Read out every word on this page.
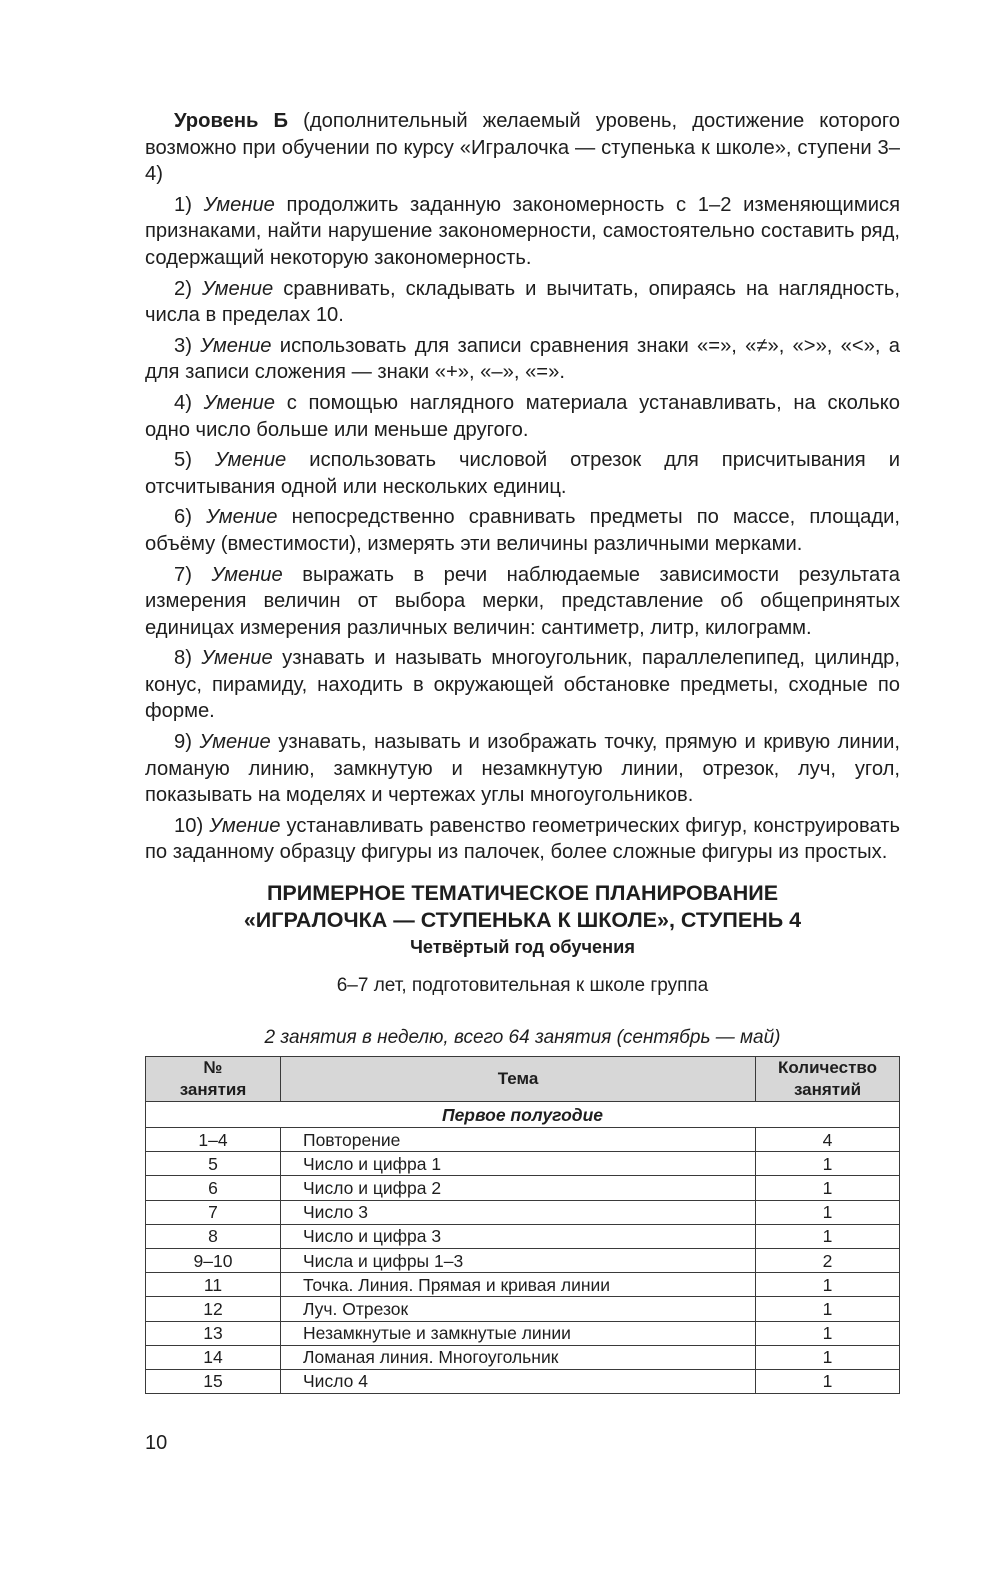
Уровень Б (дополнительный желаемый уровень, достижение которого возможно при обучении по курсу «Игралочка — ступенька к школе», ступени 3–4)

1) Умение продолжить заданную закономерность с 1–2 изменяющимися признаками, найти нарушение закономерности, самостоятельно составить ряд, содержащий некоторую закономерность.

2) Умение сравнивать, складывать и вычитать, опираясь на наглядность, числа в пределах 10.

3) Умение использовать для записи сравнения знаки «=», «≠», «>», «<», а для записи сложения — знаки «+», «–», «=».

4) Умение с помощью наглядного материала устанавливать, на сколько одно число больше или меньше другого.

5) Умение использовать числовой отрезок для присчитывания и отсчитывания одной или нескольких единиц.

6) Умение непосредственно сравнивать предметы по массе, площади, объёму (вместимости), измерять эти величины различными мерками.

7) Умение выражать в речи наблюдаемые зависимости результата измерения величин от выбора мерки, представление об общепринятых единицах измерения различных величин: сантиметр, литр, килограмм.

8) Умение узнавать и называть многоугольник, параллелепипед, цилиндр, конус, пирамиду, находить в окружающей обстановке предметы, сходные по форме.

9) Умение узнавать, называть и изображать точку, прямую и кривую линии, ломаную линию, замкнутую и незамкнутую линии, отрезок, луч, угол, показывать на моделях и чертежах углы многоугольников.

10) Умение устанавливать равенство геометрических фигур, конструировать по заданному образцу фигуры из палочек, более сложные фигуры из простых.

ПРИМЕРНОЕ ТЕМАТИЧЕСКОЕ ПЛАНИРОВАНИЕ

«ИГРАЛОЧКА — СТУПЕНЬКА К ШКОЛЕ», СТУПЕНЬ 4

Четвёртый год обучения

6–7 лет, подготовительная к школе группа

2 занятия в неделю, всего 64 занятия (сентябрь — май)

№
занятия	Тема	Количество
занятий
Первое полугодие		
1–4	Повторение	4
5	Число и цифра 1	1
6	Число и цифра 2	1
7	Число 3	1
8	Число и цифра 3	1
9–10	Числа и цифры 1–3	2
11	Точка. Линия. Прямая и кривая линии	1
12	Луч. Отрезок	1
13	Незамкнутые и замкнутые линии	1
14	Ломаная линия. Многоугольник	1
15	Число 4	1
10
